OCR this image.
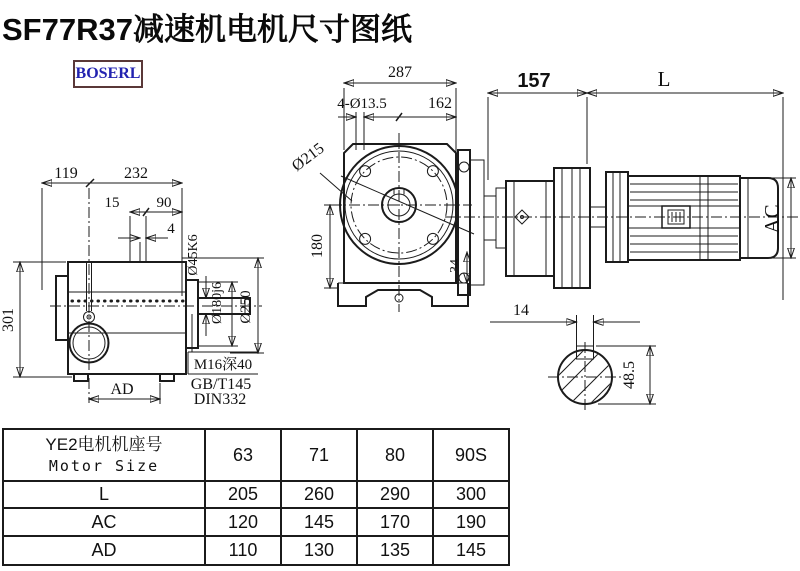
SF77R37减速机电机尺寸图纸
BOSERL
301
119	232
15 90
4
Ø45K6
Ø180j6 Ø250
AD
M16深40
GB/T145
DIN332
287
4-Ø13.5	162
Ø215
180
34
157	L
AC
14
48.5
YE2电机机座号
Motor Size	63	71	80	90S
L	205	260	290	300
AC	120	145	170	190
AD	110	130	135	145
